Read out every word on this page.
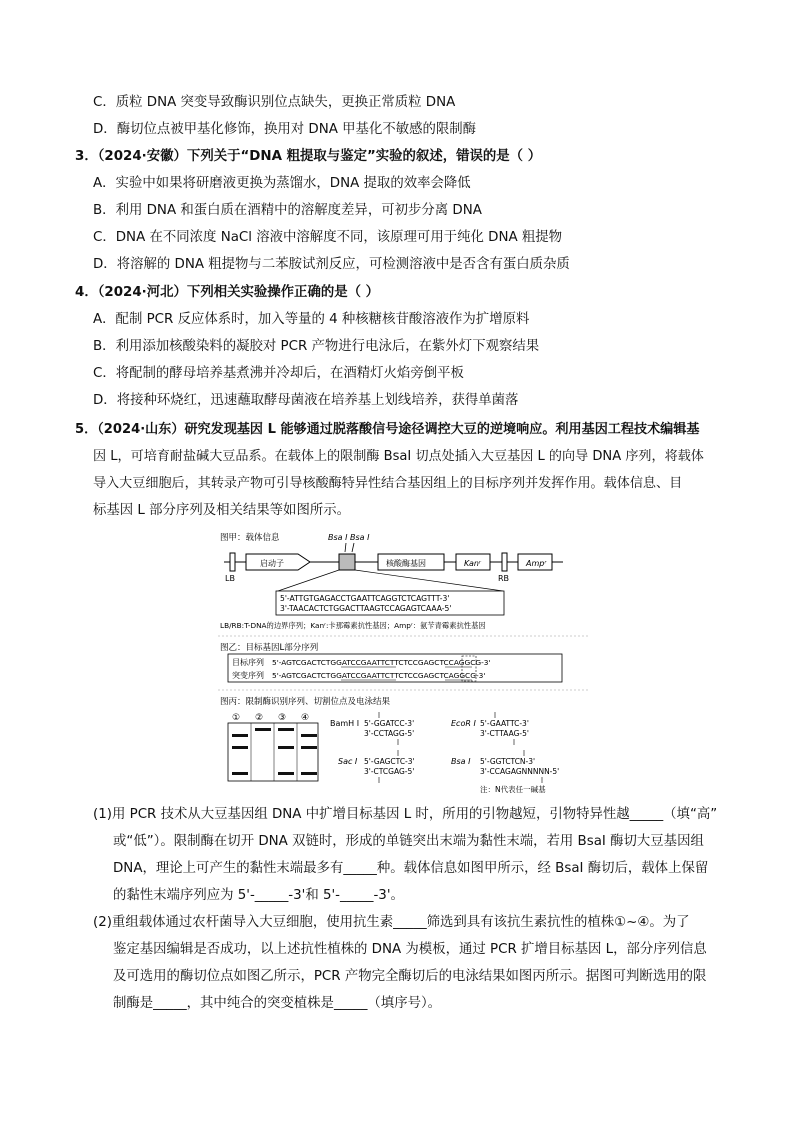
C．质粒 DNA 突变导致酶识别位点缺失，更换正常质粒 DNA
D．酶切位点被甲基化修饰，换用对 DNA 甲基化不敏感的限制酶
3．（2024·安徽）下列关于“DNA 粗提取与鉴定”实验的叙述，错误的是（ ）
A．实验中如果将研磨液更换为蒸馏水，DNA 提取的效率会降低
B．利用 DNA 和蛋白质在酒精中的溶解度差异，可初步分离 DNA
C．DNA 在不同浓度 NaCl 溶液中溶解度不同，该原理可用于纯化 DNA 粗提物
D．将溶解的 DNA 粗提物与二苯胺试剂反应，可检测溶液中是否含有蛋白质杂质
4．（2024·河北）下列相关实验操作正确的是（ ）
A．配制 PCR 反应体系时，加入等量的 4 种核糖核苷酸溶液作为扩增原料
B．利用添加核酸染料的凝胶对 PCR 产物进行电泳后，在紫外灯下观察结果
C．将配制的酵母培养基煮沸并冷却后，在酒精灯火焰旁倒平板
D．将接种环烧红，迅速蘸取酵母菌液在培养基上划线培养，获得单菌落
5．（2024·山东）研究发现基因 L 能够通过脱落酸信号途径调控大豆的逆境响应。利用基因工程技术编辑基
因 L，可培育耐盐碱大豆品系。在载体上的限制酶 BsaI 切点处插入大豆基因 L 的向导 DNA 序列，将载体
导入大豆细胞后，其转录产物可引导核酸酶特异性结合基因组上的目标序列并发挥作用。载体信息、目
标基因 L 部分序列及相关结果等如图所示。
图甲：载体信息	Bsa Ⅰ Bsa Ⅰ
启动子	核酸酶基因	Kanʳ	Ampʳ
LB	RB
5'-ATTGTGAGACCTGAATTCAGGTCTCAGTTT-3'
3'-TAACACTCTGGACTTAAGTCCAGAGTCAAA-5'
LB/RB:T-DNA的边界序列；Kanʳ:卡那霉素抗性基因；Ampʳ：氨苄青霉素抗性基因
图乙：目标基因L部分序列
目标序列 5'-AGTCGACTCTGGATCCGAATTCTTCTCCGAGCTCCAGGCG-3'
突变序列 5'-AGTCGACTCTGGATCCGAATTCTTCTCCGAGCTCAGGCG-3'
图丙：限制酶识别序列、切割位点及电泳结果
① ② ③ ④
BamH Ⅰ 5'-GGATCC-3'
3'-CCTAGG-5'
EcoR Ⅰ 5'-GAATTC-3'
3'-CTTAAG-5'
Sac Ⅰ 5'-GAGCTC-3'
3'-CTCGAG-5'
Bsa Ⅰ 5'-GGTCTCN-3'
3'-CCAGAGNNNNN-5'
注：N代表任一碱基
(1)用 PCR 技术从大豆基因组 DNA 中扩增目标基因 L 时，所用的引物越短，引物特异性越_____（填“高”
或“低”）。限制酶在切开 DNA 双链时，形成的单链突出末端为黏性末端，若用 BsaI 酶切大豆基因组
DNA，理论上可产生的黏性末端最多有_____种。载体信息如图甲所示，经 BsaI 酶切后，载体上保留
的黏性末端序列应为 5'-_____-3'和 5'-_____-3'。
(2)重组载体通过农杆菌导入大豆细胞，使用抗生素_____筛选到具有该抗生素抗性的植株①~④。为了
鉴定基因编辑是否成功，以上述抗性植株的 DNA 为模板，通过 PCR 扩增目标基因 L，部分序列信息
及可选用的酶切位点如图乙所示，PCR 产物完全酶切后的电泳结果如图丙所示。据图可判断选用的限
制酶是_____，其中纯合的突变植株是_____（填序号）。
